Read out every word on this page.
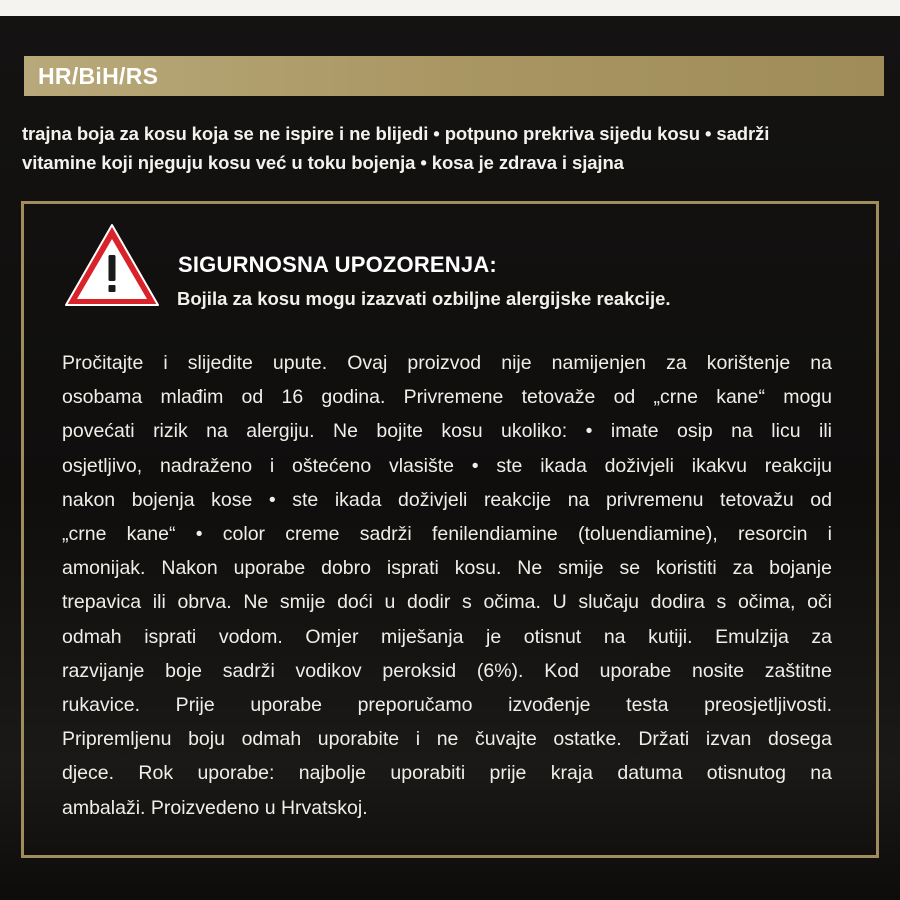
HR/BiH/RS
trajna boja za kosu koja se ne ispire i ne blijedi • potpuno prekriva sijedu kosu • sadrži
vitamine koji njeguju kosu već u toku bojenja • kosa je zdrava i sjajna
SIGURNOSNA UPOZORENJA:
Bojila za kosu mogu izazvati ozbiljne alergijske reakcije.
Pročitajte i slijedite upute. Ovaj proizvod nije namijenjen za korištenje na
osobama mlađim od 16 godina. Privremene tetovaže od „crne kane“ mogu
povećati rizik na alergiju. Ne bojite kosu ukoliko: • imate osip na licu ili
osjetljivo, nadraženo i oštećeno vlasište • ste ikada doživjeli ikakvu reakciju
nakon bojenja kose • ste ikada doživjeli reakcije na privremenu tetovažu od
„crne kane“ • color creme sadrži fenilendiamine (toluendiamine), resorcin i
amonijak. Nakon uporabe dobro isprati kosu. Ne smije se koristiti za bojanje
trepavica ili obrva. Ne smije doći u dodir s očima. U slučaju dodira s očima, oči
odmah isprati vodom. Omjer miješanja je otisnut na kutiji. Emulzija za
razvijanje boje sadrži vodikov peroksid (6%). Kod uporabe nosite zaštitne
rukavice. Prije uporabe preporučamo izvođenje testa preosjetljivosti.
Pripremljenu boju odmah uporabite i ne čuvajte ostatke. Držati izvan dosega
djece. Rok uporabe: najbolje uporabiti prije kraja datuma otisnutog na
ambalaži. Proizvedeno u Hrvatskoj.
